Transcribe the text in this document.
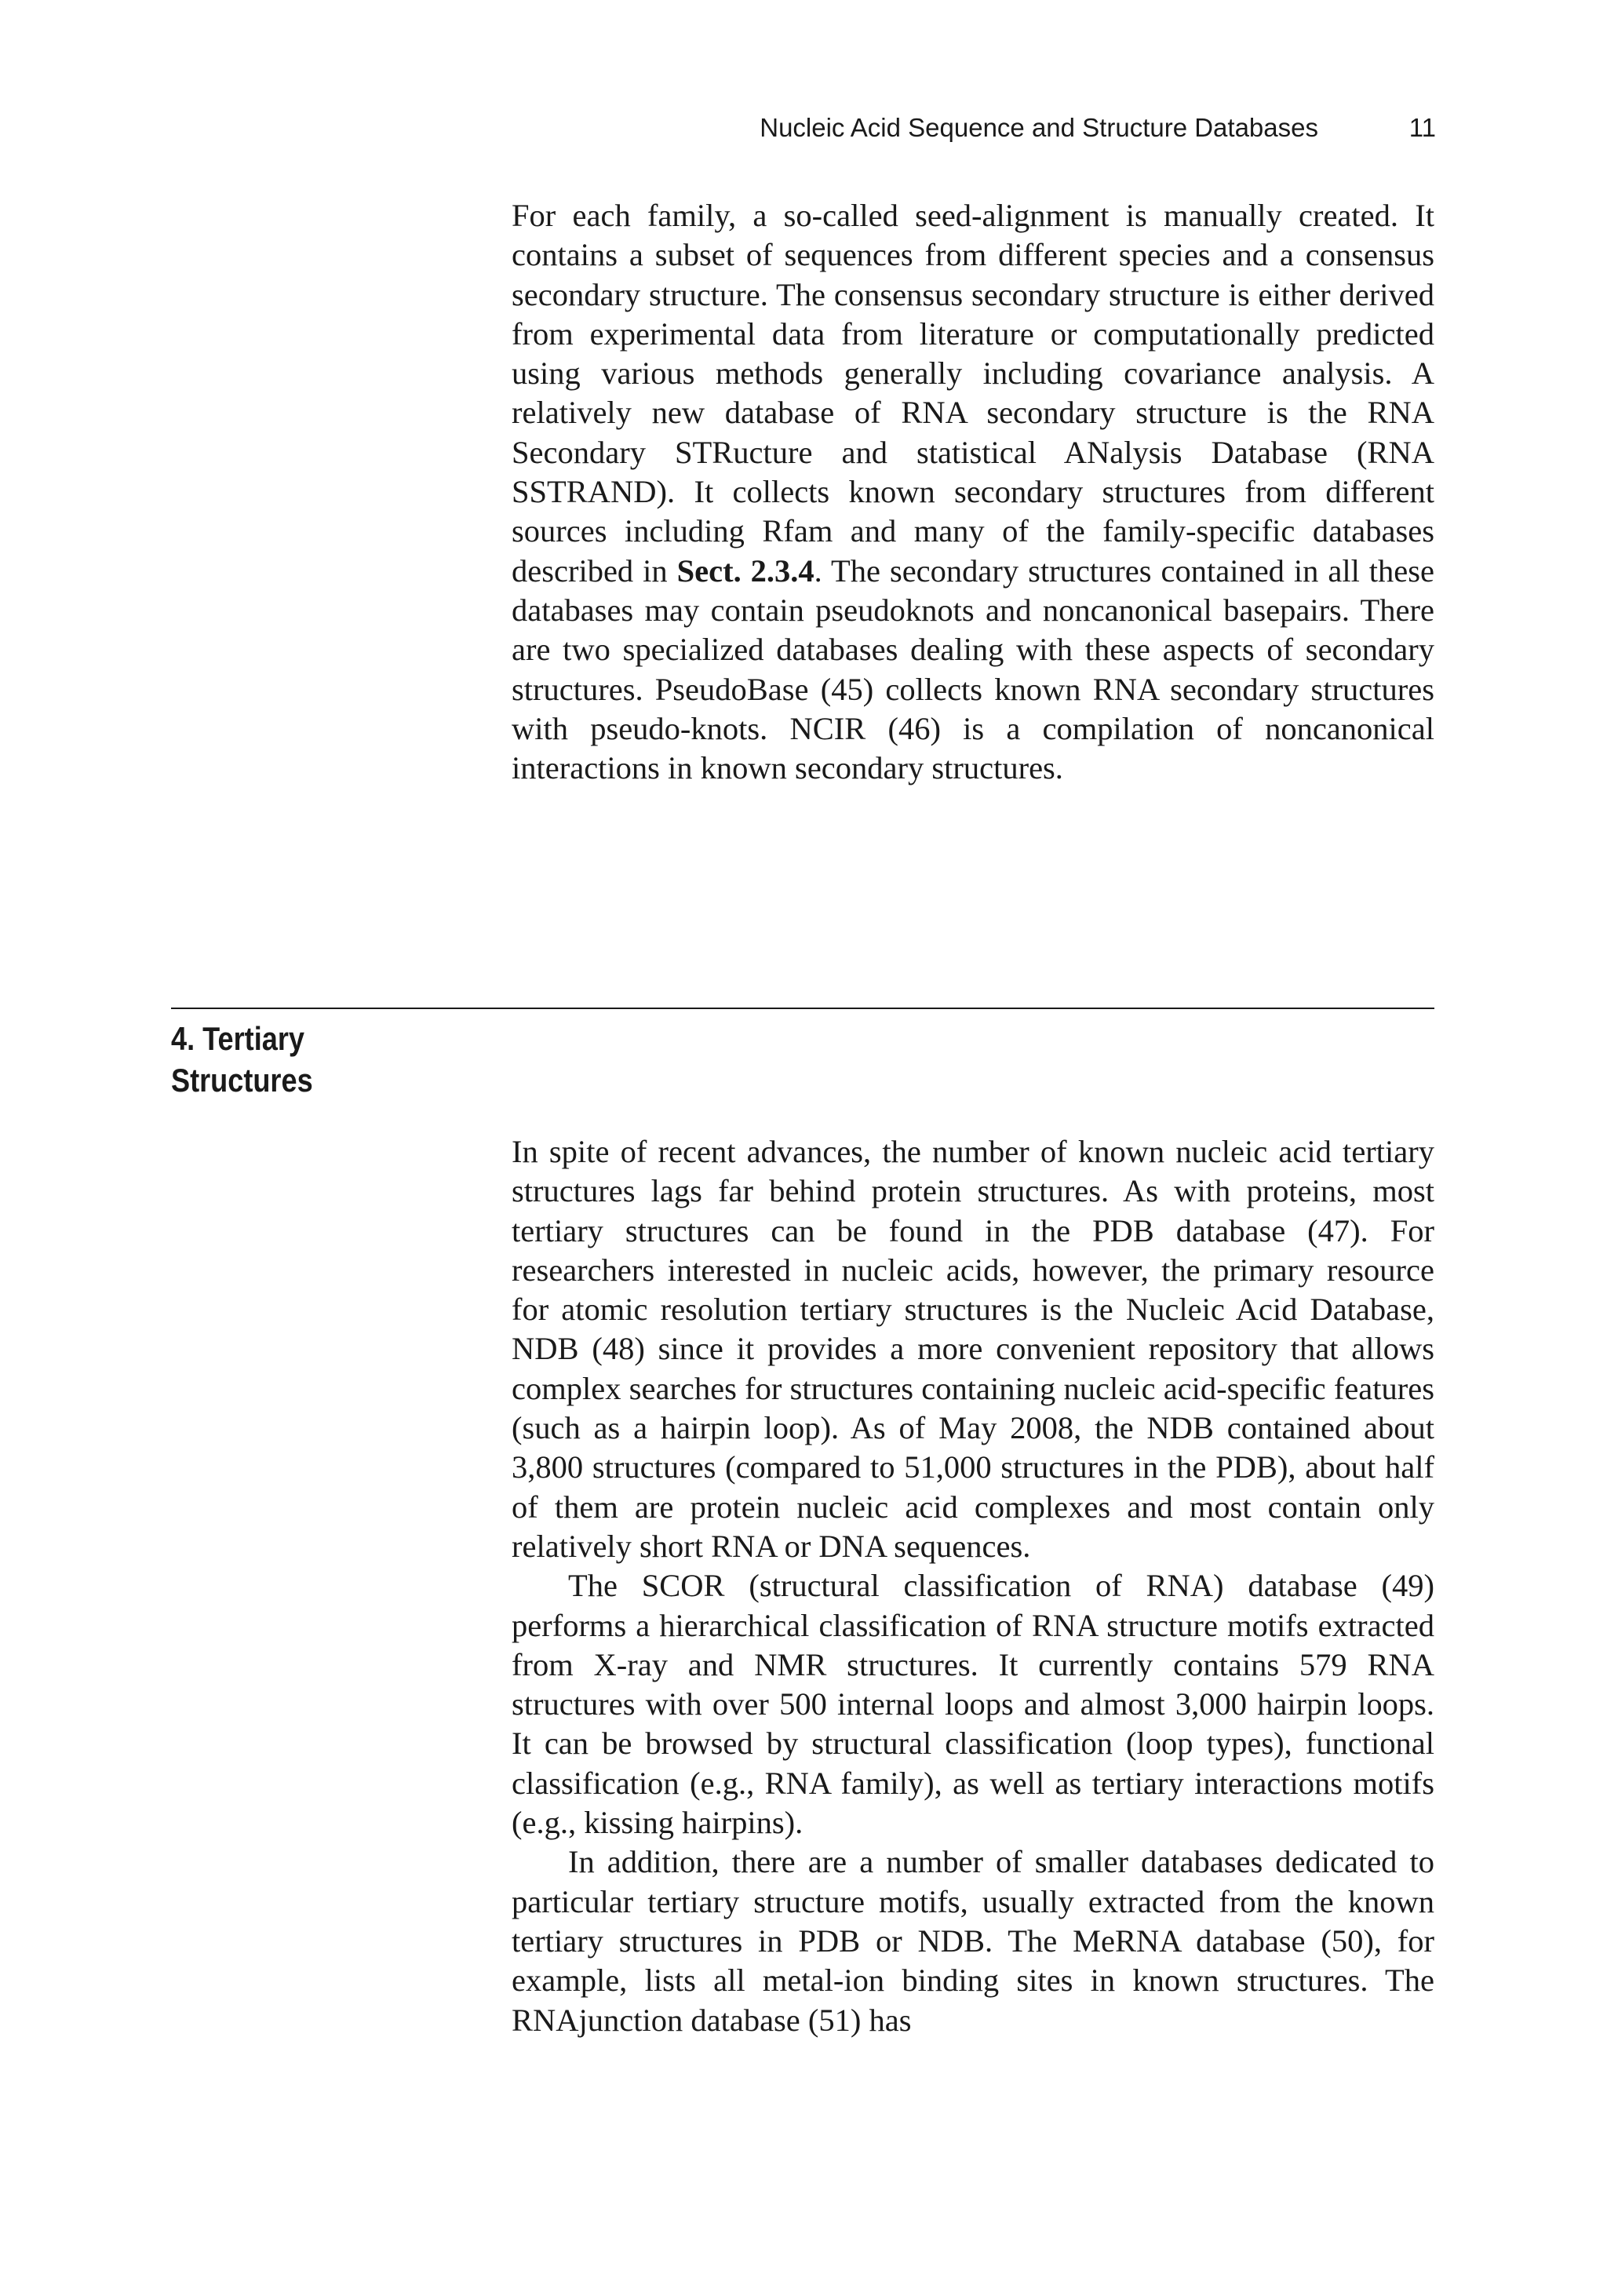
Nucleic Acid Sequence and Structure Databases	11

For each family, a so-called seed-alignment is manually created. It contains a subset of sequences from different species and a consensus secondary structure. The consensus secondary structure is either derived from experimental data from literature or computationally predicted using various methods generally including covariance analysis. A relatively new database of RNA secondary structure is the RNA Secondary STRucture and statistical ANalysis Database (RNA SSTRAND). It collects known secondary structures from different sources including Rfam and many of the family-specific databases described in Sect. 2.3.4. The secondary structures contained in all these databases may contain pseudoknots and noncanonical basepairs. There are two specialized databases dealing with these aspects of secondary structures. PseudoBase (45) collects known RNA secondary structures with pseudo-knots. NCIR (46) is a compilation of noncanonical interactions in known secondary structures.

4. Tertiary
Structures

In spite of recent advances, the number of known nucleic acid tertiary structures lags far behind protein structures. As with proteins, most tertiary structures can be found in the PDB database (47). For researchers interested in nucleic acids, however, the primary resource for atomic resolution tertiary structures is the Nucleic Acid Database, NDB (48) since it provides a more convenient repository that allows complex searches for structures containing nucleic acid-specific features (such as a hairpin loop). As of May 2008, the NDB contained about 3,800 structures (compared to 51,000 structures in the PDB), about half of them are protein nucleic acid complexes and most contain only relatively short RNA or DNA sequences.

The SCOR (structural classification of RNA) database (49) performs a hierarchical classification of RNA structure motifs extracted from X-ray and NMR structures. It currently contains 579 RNA structures with over 500 internal loops and almost 3,000 hairpin loops. It can be browsed by structural classification (loop types), functional classification (e.g., RNA family), as well as tertiary interactions motifs (e.g., kissing hairpins).

In addition, there are a number of smaller databases dedicated to particular tertiary structure motifs, usually extracted from the known tertiary structures in PDB or NDB. The MeRNA database (50), for example, lists all metal-ion binding sites in known structures. The RNAjunction database (51) has
